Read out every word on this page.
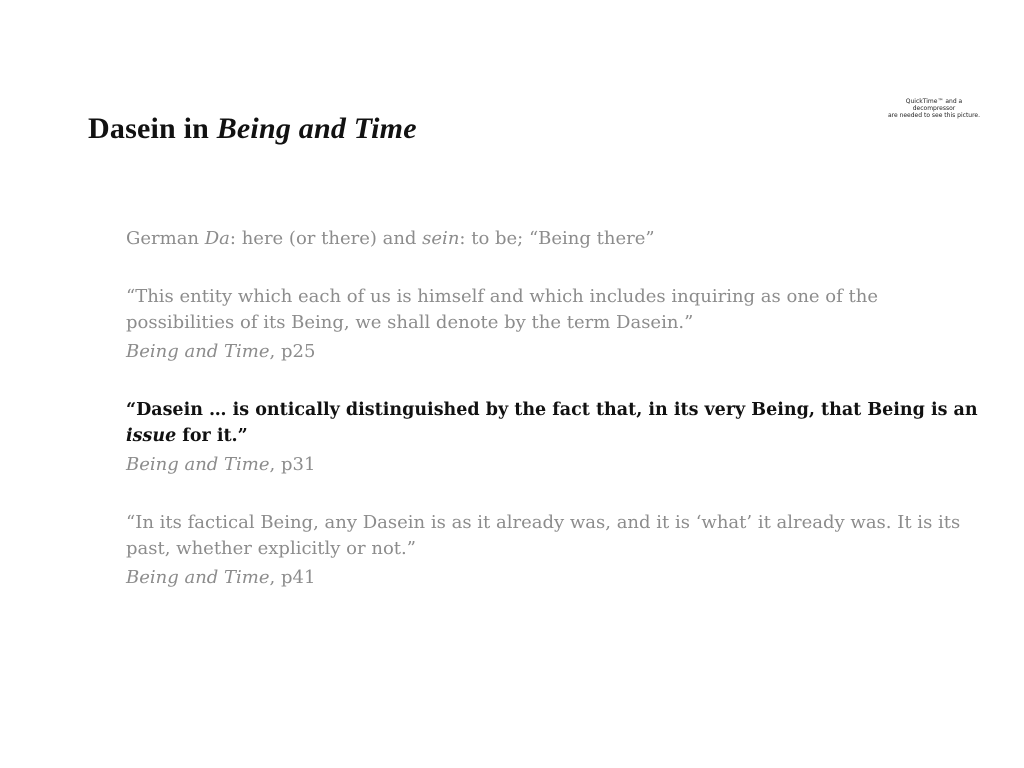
Dasein in Being and Time
QuickTime™ and a
decompressor
are needed to see this picture.
German Da: here (or there) and sein: to be; “Being there”
“This entity which each of us is himself and which includes inquiring as one of the
possibilities of its Being, we shall denote by the term Dasein.”
Being and Time, p25
“Dasein … is ontically distinguished by the fact that, in its very Being, that Being is an
issue for it.”
Being and Time, p31
“In its factical Being, any Dasein is as it already was, and it is ‘what’ it already was. It is its
past, whether explicitly or not.”
Being and Time, p41
